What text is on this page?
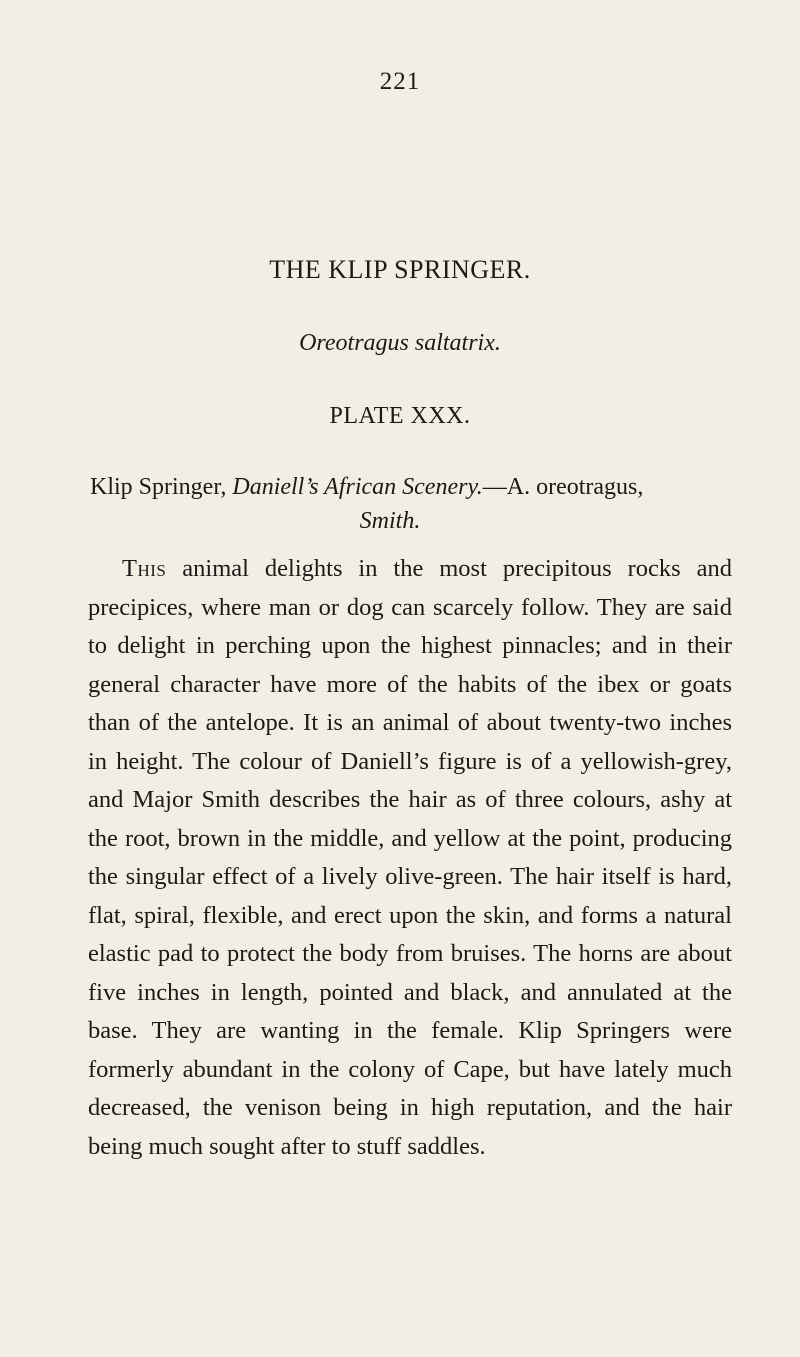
221
THE KLIP SPRINGER.
Oreotragus saltatrix.
PLATE XXX.
Klip Springer, Daniell’s African Scenery.—A. oreotragus,
Smith.
This animal delights in the most precipitous rocks and precipices, where man or dog can scarcely follow. They are said to delight in perching upon the highest pinnacles; and in their general character have more of the habits of the ibex or goats than of the antelope. It is an animal of about twenty-two inches in height. The colour of Daniell’s figure is of a yellowish-grey, and Major Smith describes the hair as of three colours, ashy at the root, brown in the middle, and yellow at the point, producing the singular effect of a lively olive-green. The hair itself is hard, flat, spiral, flexible, and erect upon the skin, and forms a natural elastic pad to protect the body from bruises. The horns are about five inches in length, pointed and black, and annulated at the base. They are wanting in the female. Klip Springers were formerly abundant in the colony of Cape, but have lately much decreased, the venison being in high reputation, and the hair being much sought after to stuff saddles.
